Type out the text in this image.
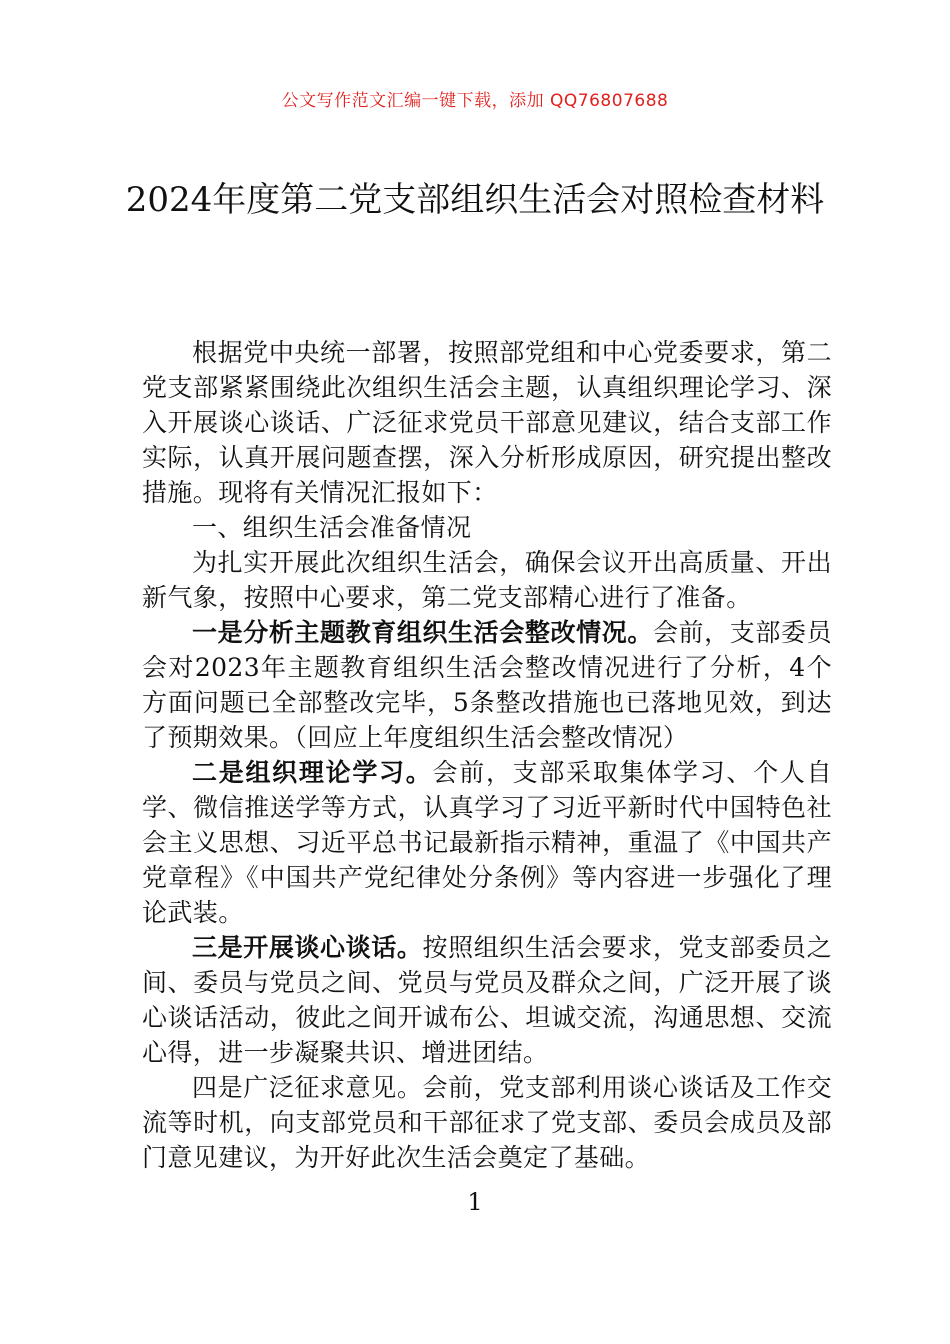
公文写作范文汇编一键下载，添加 QQ76807688
2024年度第二党支部组织生活会对照检查材料

根据党中央统一部署，按照部党组和中心党委要求，第二党支部紧紧围绕此次组织生活会主题，认真组织理论学习、深入开展谈心谈话、广泛征求党员干部意见建议，结合支部工作实际，认真开展问题查摆，深入分析形成原因，研究提出整改措施。现将有关情况汇报如下：

一、组织生活会准备情况

为扎实开展此次组织生活会，确保会议开出高质量、开出新气象，按照中心要求，第二党支部精心进行了准备。

一是分析主题教育组织生活会整改情况。会前，支部委员会对2023年主题教育组织生活会整改情况进行了分析，4个方面问题已全部整改完毕，5条整改措施也已落地见效，到达了预期效果。（回应上年度组织生活会整改情况）

二是组织理论学习。会前，支部采取集体学习、个人自学、微信推送学等方式，认真学习了习近平新时代中国特色社会主义思想、习近平总书记最新指示精神，重温了《中国共产党章程》《中国共产党纪律处分条例》等内容进一步强化了理论武装。

三是开展谈心谈话。按照组织生活会要求，党支部委员之间、委员与党员之间、党员与党员及群众之间，广泛开展了谈心谈话活动，彼此之间开诚布公、坦诚交流，沟通思想、交流心得，进一步凝聚共识、增进团结。

四是广泛征求意见。会前，党支部利用谈心谈话及工作交流等时机，向支部党员和干部征求了党支部、委员会成员及部门意见建议，为开好此次生活会奠定了基础。

1
